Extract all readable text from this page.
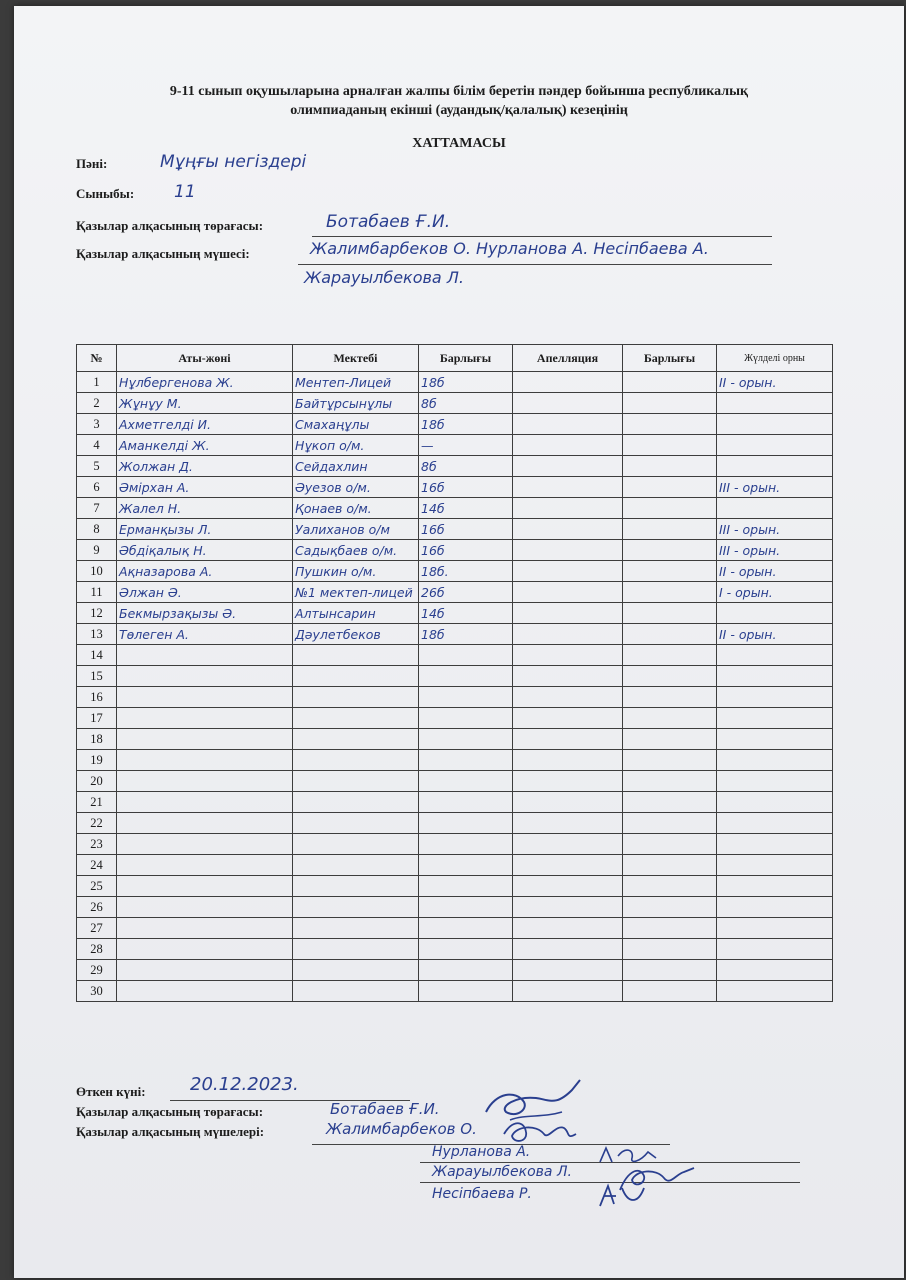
9-11 сынып оқушыларына арналған жалпы білім беретін пәндер бойынша республикалық
олимпиаданың екінші (аудандық/қалалық) кезеңінің
ХАТТАМАСЫ
Пәні:	Мұңғы негіздері
Сыныбы: 11
Қазылар алқасының төрағасы:	Ботабаев Ғ.И.
Қазылар алқасының мүшесі:	Жалимбарбеков О. Нурланова А. Несіпбаева А.
Жарауылбекова Л.
№	Аты-жөні	Мектебі	Барлығы	Апелляция	Барлығы	Жүлделі орны
1	Нұлбергенова Ж.	Ментеп-Лицей	18б			II - орын.
2	Жұнұу М.	Байтұрсынұлы	8б			
3	Ахметгелді И.	Смахаңұлы	18б			
4	Аманкелді Ж.	Нұкоп о/м.	—			
5	Жолжан Д.	Сейдахлин	8б			
6	Әмірхан А.	Әуезов о/м.	16б			III - орын.
7	Жалел Н.	Қонаев о/м.	14б			
8	Ерманқызы Л.	Уалиханов о/м	16б			III - орын.
9	Әбдіқалық Н.	Садықбаев о/м.	16б			III - орын.
10	Ақназарова А.	Пушкин о/м.	18б.			II - орын.
11	Әлжан Ә.	№1 мектеп-лицей	26б			I - орын.
12	Бекмырзақызы Ә.	Алтынсарин	14б			
13	Төлеген А.	Дәулетбеков	18б			II - орын.
14						
15						
16						
17						
18						
19						
20						
21						
22						
23						
24						
25						
26						
27						
28						
29						
30						
Өткен күні: 20.12.2023.
Қазылар алқасының төрағасы:	Ботабаев Ғ.И.
Қазылар алқасының мүшелері:	Жалимбарбеков О.
Нурланова А.
Жарауылбекова Л.
Несіпбаева Р.
